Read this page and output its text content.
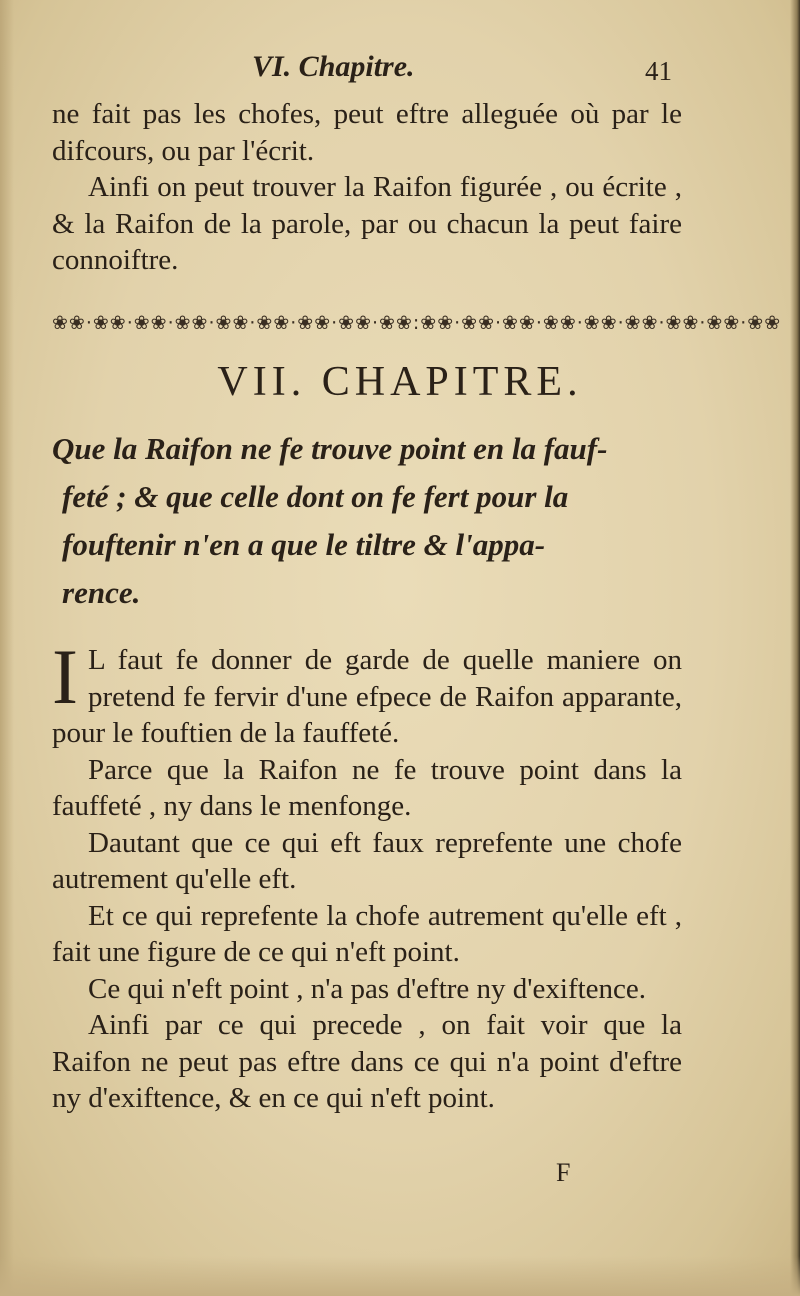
VI. Chapitre.	41

ne fait pas les chofes, peut eftre alleguée où par le difcours, ou par l'écrit.

Ainfi on peut trouver la Raifon figurée , ou écrite , & la Raifon de la parole, par ou chacun la peut faire connoiftre.

❀❀·❀❀·❀❀·❀❀·❀❀·❀❀·❀❀·❀❀·❀❀:❀❀·❀❀·❀❀·❀❀·❀❀·❀❀·❀❀·❀❀·❀❀
VII. CHAPITRE.

Que la Raifon ne fe trouve point en la fauf-

feté ; & que celle dont on fe fert pour la

fouftenir n'en a que le tiltre & l'appa-

rence.

I L faut fe donner de garde de quelle maniere on pretend fe fervir d'une efpece de Raifon apparante, pour le fouftien de la fauffeté.

Parce que la Raifon ne fe trouve point dans la fauffeté , ny dans le menfonge.

Dautant que ce qui eft faux reprefente une chofe autrement qu'elle eft.

Et ce qui reprefente la chofe autrement qu'elle eft , fait une figure de ce qui n'eft point.

Ce qui n'eft point , n'a pas d'eftre ny d'exiftence.

Ainfi par ce qui precede , on fait voir que la Raifon ne peut pas eftre dans ce qui n'a point d'eftre ny d'exiftence, & en ce qui n'eft point.

F
